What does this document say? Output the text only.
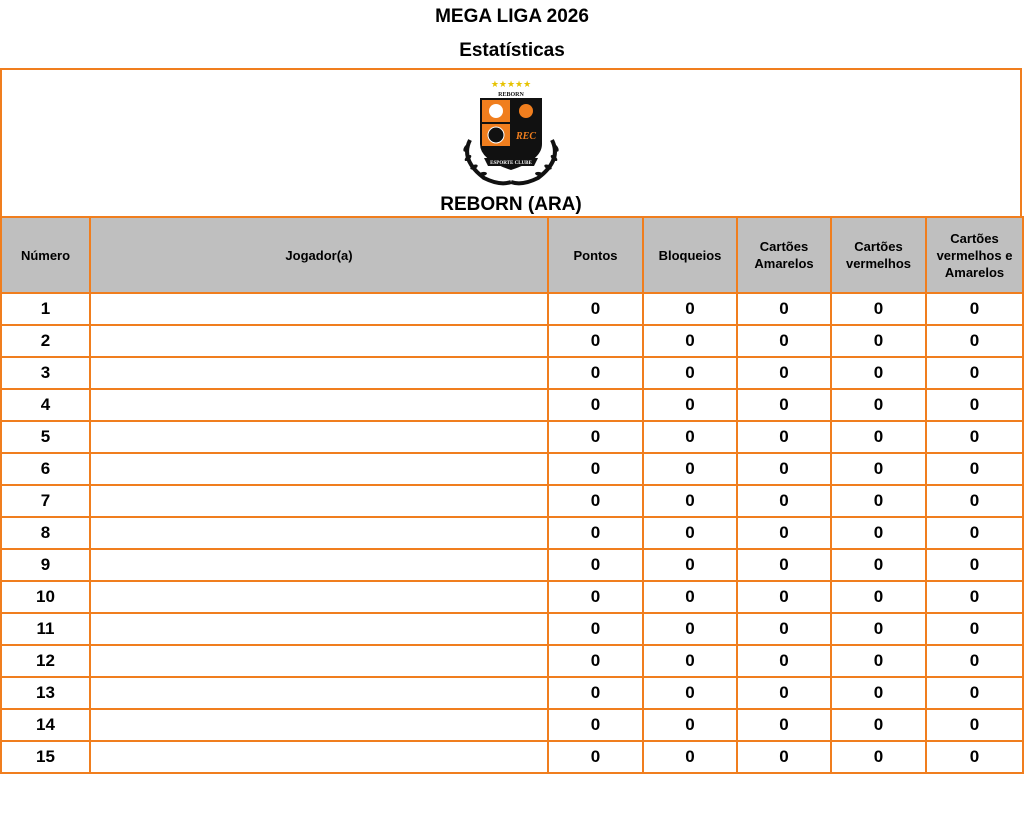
MEGA LIGA 2026
Estatísticas
★★★★★
REBORN
REC
ESPORTE CLUBE
REBORN (ARA)
Número	Jogador(a)	Pontos	Bloqueios	Cartões Amarelos	Cartões vermelhos	Cartões vermelhos e Amarelos
1		0	0	0	0	0
2		0	0	0	0	0
3		0	0	0	0	0
4		0	0	0	0	0
5		0	0	0	0	0
6		0	0	0	0	0
7		0	0	0	0	0
8		0	0	0	0	0
9		0	0	0	0	0
10		0	0	0	0	0
11		0	0	0	0	0
12		0	0	0	0	0
13		0	0	0	0	0
14		0	0	0	0	0
15		0	0	0	0	0
